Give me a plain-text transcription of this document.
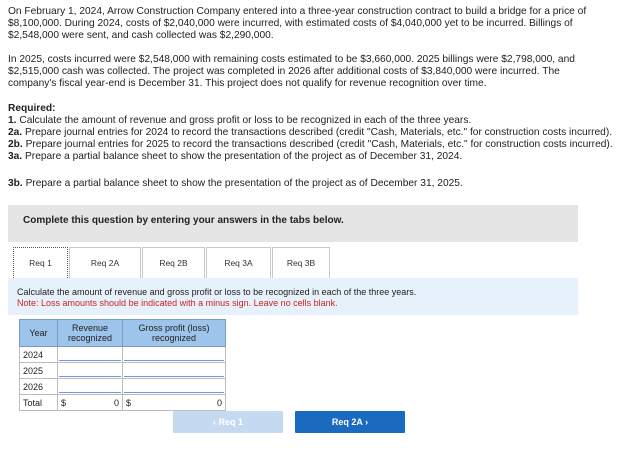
On February 1, 2024, Arrow Construction Company entered into a three-year construction contract to build a bridge for a price of
$8,100,000. During 2024, costs of $2,040,000 were incurred, with estimated costs of $4,040,000 yet to be incurred. Billings of
$2,548,000 were sent, and cash collected was $2,290,000.
In 2025, costs incurred were $2,548,000 with remaining costs estimated to be $3,660,000. 2025 billings were $2,798,000, and
$2,515,000 cash was collected. The project was completed in 2026 after additional costs of $3,840,000 were incurred. The
company's fiscal year-end is December 31. This project does not qualify for revenue recognition over time.
Required:
1. Calculate the amount of revenue and gross profit or loss to be recognized in each of the three years.
2a. Prepare journal entries for 2024 to record the transactions described (credit "Cash, Materials, etc." for construction costs incurred).
2b. Prepare journal entries for 2025 to record the transactions described (credit "Cash, Materials, etc." for construction costs incurred).
3a. Prepare a partial balance sheet to show the presentation of the project as of December 31, 2024.
3b. Prepare a partial balance sheet to show the presentation of the project as of December 31, 2025.
Complete this question by entering your answers in the tabs below.
Req 1	Req 2A	Req 2B	Req 3A	Req 3B
Calculate the amount of revenue and gross profit or loss to be recognized in each of the three years.
Note: Loss amounts should be indicated with a minus sign. Leave no cells blank.
Year	Revenue recognized	Gross profit (loss) recognized
2024	

2025	

2026	

Total	$ 0	$ 0
‹ Req 1	Req 2A ›
